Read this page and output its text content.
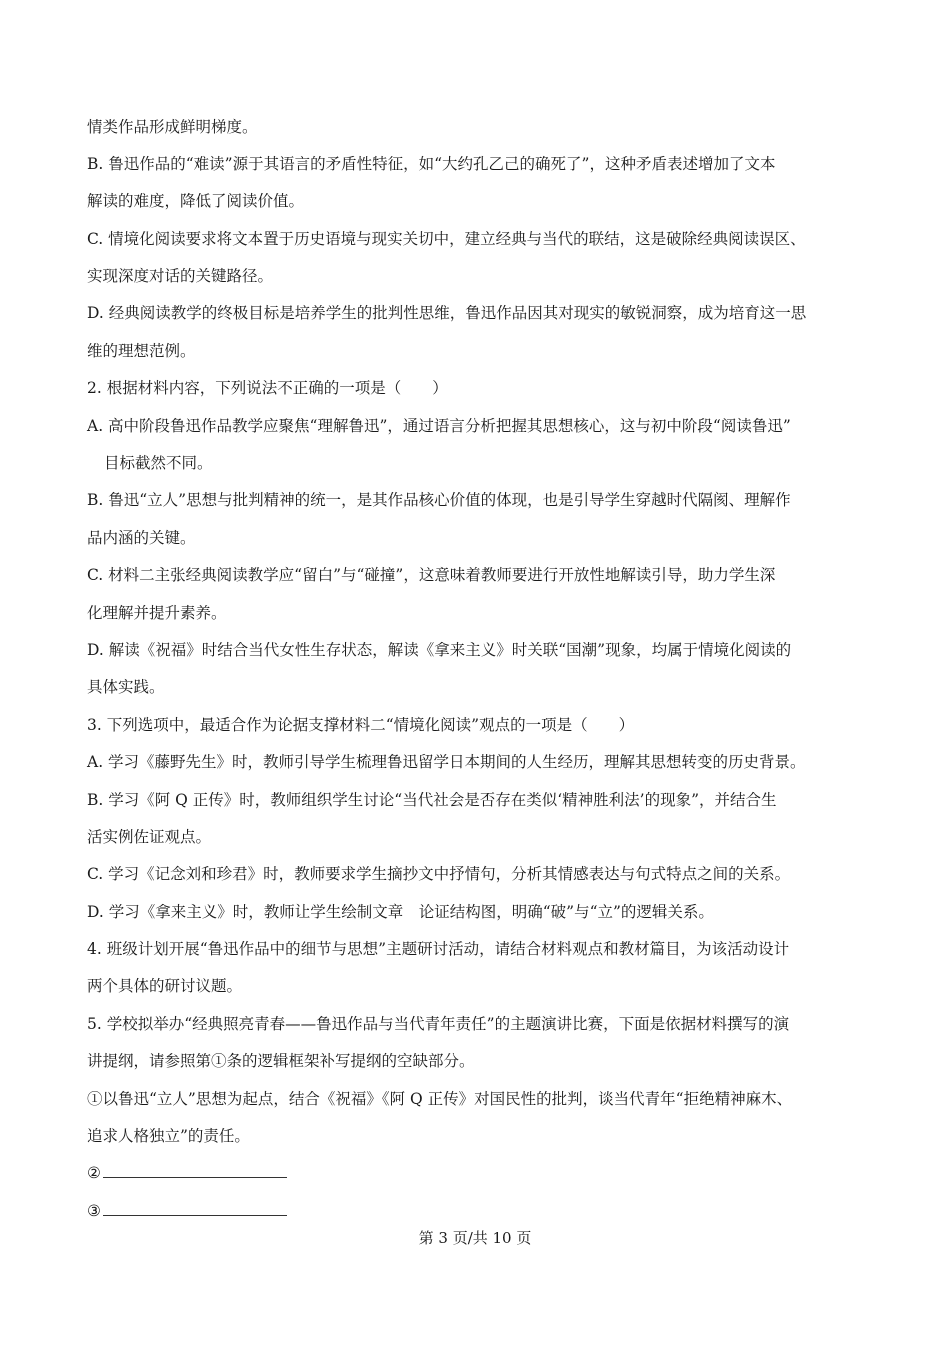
情类作品形成鲜明梯度。
B. 鲁迅作品的“难读”源于其语言的矛盾性特征，如“大约孔乙己的确死了”，这种矛盾表述增加了文本
解读的难度，降低了阅读价值。
C. 情境化阅读要求将文本置于历史语境与现实关切中，建立经典与当代的联结，这是破除经典阅读误区、
实现深度对话的关键路径。
D. 经典阅读教学的终极目标是培养学生的批判性思维，鲁迅作品因其对现实的敏锐洞察，成为培育这一思
维的理想范例。
2. 根据材料内容，下列说法不正确的一项是（　　）
A. 高中阶段鲁迅作品教学应聚焦“理解鲁迅”，通过语言分析把握其思想核心，这与初中阶段“阅读鲁迅”
目标截然不同。
B. 鲁迅“立人”思想与批判精神的统一，是其作品核心价值的体现，也是引导学生穿越时代隔阂、理解作
品内涵的关键。
C. 材料二主张经典阅读教学应“留白”与“碰撞”，这意味着教师要进行开放性地解读引导，助力学生深
化理解并提升素养。
D. 解读《祝福》时结合当代女性生存状态，解读《拿来主义》时关联“国潮”现象，均属于情境化阅读的
具体实践。
3. 下列选项中，最适合作为论据支撑材料二“情境化阅读”观点的一项是（　　）
A. 学习《藤野先生》时，教师引导学生梳理鲁迅留学日本期间的人生经历，理解其思想转变的历史背景。
B. 学习《阿 Q 正传》时，教师组织学生讨论“当代社会是否存在类似‘精神胜利法’的现象”，并结合生
活实例佐证观点。
C. 学习《记念刘和珍君》时，教师要求学生摘抄文中抒情句，分析其情感表达与句式特点之间的关系。
D. 学习《拿来主义》时，教师让学生绘制文章　论证结构图，明确“破”与“立”的逻辑关系。
4. 班级计划开展“鲁迅作品中的细节与思想”主题研讨活动，请结合材料观点和教材篇目，为该活动设计
两个具体的研讨议题。
5. 学校拟举办“经典照亮青春——鲁迅作品与当代青年责任”的主题演讲比赛，下面是依据材料撰写的演
讲提纲，请参照第①条的逻辑框架补写提纲的空缺部分。
①以鲁迅“立人”思想为起点，结合《祝福》《阿 Q 正传》对国民性的批判，谈当代青年“拒绝精神麻木、
追求人格独立”的责任。
②
③
第 3 页/共 10 页
